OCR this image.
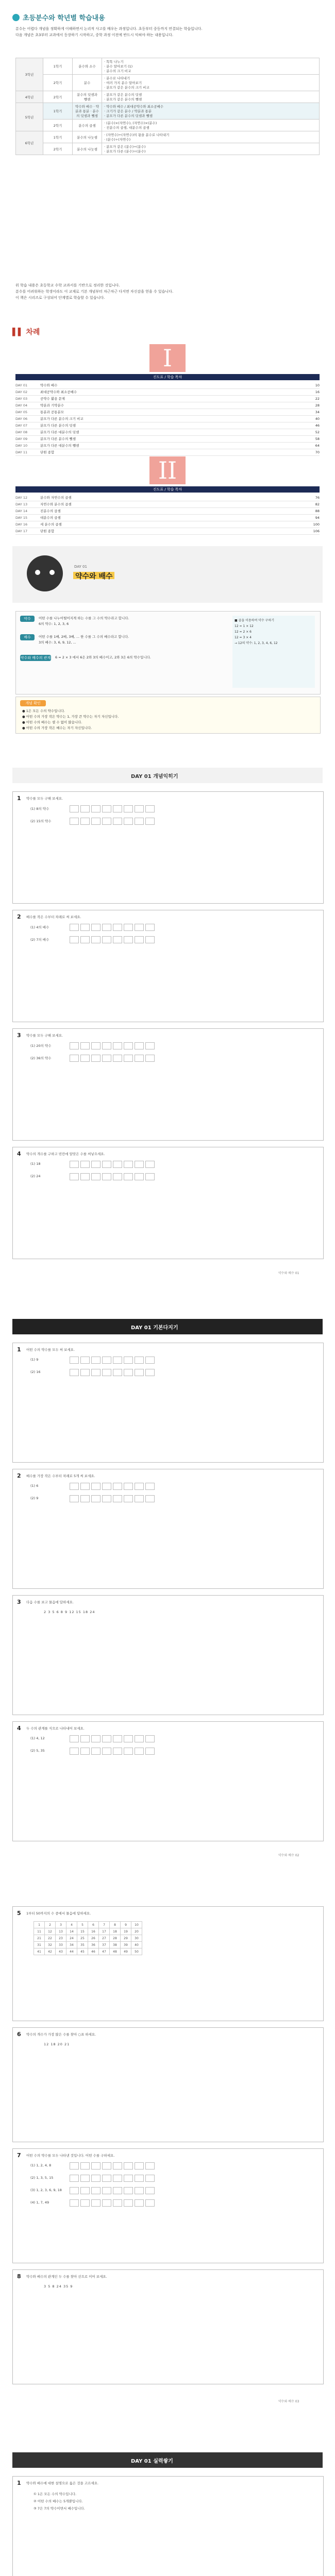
초등분수와 학년별 학습내용
분수는 어렵다 개념을 정확하게 이해하면서 논리적 사고를 배우는 과정입니다. 초등부터 중등까지 연결되는 학습입니다.
다음 개념은 초3부터 교과에서 등장하기 시작하고, 중학 과정 이전에 반드시 익혀야 하는 내용입니다.
3학년	1학기	분수와 소수	· 똑똑 나누기
· 분수 알아보기 (1)
· 분수의 크기 비교

	2학기	분수	· 분수로 나타내기
· 여러 가지 분수 알아보기
· 분모가 같은 분수의 크기 비교

4학년	2학기	분수의 덧셈과 뺄셈	· 분모가 같은 분수의 덧셈
· 분모가 같은 분수의 뺄셈

5학년	1학기	약수와 배수 · 약분과 통분 · 분수의 덧셈과 뺄셈	· 약수와 배수 / 최대공약수와 최소공배수
· 크기가 같은 분수 / 약분과 통분
· 분모가 다른 분수의 덧셈과 뺄셈

	2학기	분수의 곱셈	· (분수)×(자연수), (자연수)×(분수)
· 진분수의 곱셈, 대분수의 곱셈

6학년	1학기	분수의 나눗셈	· (자연수)÷(자연수)의 몫을 분수로 나타내기
· (분수)÷(자연수)

	2학기	분수의 나눗셈	· 분모가 같은 (분수)÷(분수)
· 분모가 다른 (분수)÷(분수)
위 학습 내용은 초등학교 수학 교과서를 기반으로 정리한 것입니다.
분수를 어려워하는 학생이라도 이 교재로 기본 개념부터 차근차근 다지면 자신감을 얻을 수 있습니다.
이 책은 시리즈로 구성되어 단계별로 학습할 수 있습니다.
▌▌ 차례
I
진도표 / 학습 목차
DAY 01	약수와 배수	10
DAY 02	최대공약수와 최소공배수	16
DAY 03	공약수 활용 문제	22
DAY 04	약분과 기약분수	28
DAY 05	통분과 공통분모	34
DAY 06	분모가 다른 분수의 크기 비교	40
DAY 07	분모가 다른 분수의 덧셈	46
DAY 08	분모가 다른 대분수의 덧셈	52
DAY 09	분모가 다른 분수의 뺄셈	58
DAY 10	분모가 다른 대분수의 뺄셈	64
DAY 11	단원 종합	70
II
진도표 / 학습 목차
DAY 12	분수와 자연수의 곱셈	76
DAY 13	자연수와 분수의 곱셈	82
DAY 14	진분수의 곱셈	88
DAY 15	대분수의 곱셈	94
DAY 16	세 분수의 곱셈	100
DAY 17	단원 종합	106
DAY 01
약수와 배수
약수	어떤 수를 나누어떨어지게 하는 수를 그 수의 약수라고 합니다.
6의 약수: 1, 2, 3, 6
배수	어떤 수를 1배, 2배, 3배, ... 한 수를 그 수의 배수라고 합니다.
3의 배수: 3, 6, 9, 12, ...
약수와 배수의 관계 6 = 2 × 3 에서 6은 2와 3의 배수이고, 2와 3은 6의 약수입니다.
■ 곱을 이용하여 약수 구하기
12 = 1 × 12
12 = 2 × 6
12 = 3 × 4
→ 12의 약수: 1, 2, 3, 4, 6, 12
개념 확인
● 1은 모든 수의 약수입니다.
● 어떤 수의 가장 작은 약수는 1, 가장 큰 약수는 자기 자신입니다.
● 어떤 수의 배수는 셀 수 없이 많습니다.
● 어떤 수의 가장 작은 배수는 자기 자신입니다.
DAY 01 개념익히기
1 약수를 모두 구해 보세요.
(1) 8의 약수
(2) 15의 약수
2 배수를 작은 수부터 차례로 써 보세요.
(1) 4의 배수
(2) 7의 배수
3 약수를 모두 구해 보세요.
(1) 20의 약수
(2) 36의 약수
4 약수의 개수를 구하고 빈칸에 알맞은 수를 써넣으세요.
(1) 18
(2) 24
약수와 배수 01
DAY 01 기본다지기
1 어떤 수의 약수를 모두 써 보세요.
(1) 9
(2) 16
2 배수를 가장 작은 수부터 차례로 5개 써 보세요.
(1) 6
(2) 9
3 다음 수를 보고 물음에 답하세요.
2 3 5 6 8 9 12 15 18 24
4 두 수의 관계를 식으로 나타내어 보세요.
(1) 4, 12
(2) 5, 35
약수와 배수 02
5 1부터 50까지의 수 중에서 물음에 답하세요.
1	2	3	4	5	6	7	8	9	10
11	12	13	14	15	16	17	18	19	20
21	22	23	24	25	26	27	28	29	30
31	32	33	34	35	36	37	38	39	40
41	42	43	44	45	46	47	48	49	50
6 약수의 개수가 가장 많은 수를 찾아 ○표 하세요.
12 18 20 21
7 어떤 수의 약수를 모두 나타낸 것입니다. 어떤 수를 구하세요.
(1) 1, 2, 4, 8
(2) 1, 3, 5, 15
(3) 1, 2, 3, 6, 9, 18
(4) 1, 7, 49
8 약수와 배수의 관계인 두 수를 찾아 선으로 이어 보세요.
3 5 8 24 35 9
약수와 배수 03
DAY 01 실력쌓기
1 약수와 배수에 대한 설명으로 옳은 것을 고르세요.
① 1은 모든 수의 약수입니다.
② 어떤 수의 배수는 5개뿐입니다.
③ 7은 7의 약수이면서 배수입니다.
